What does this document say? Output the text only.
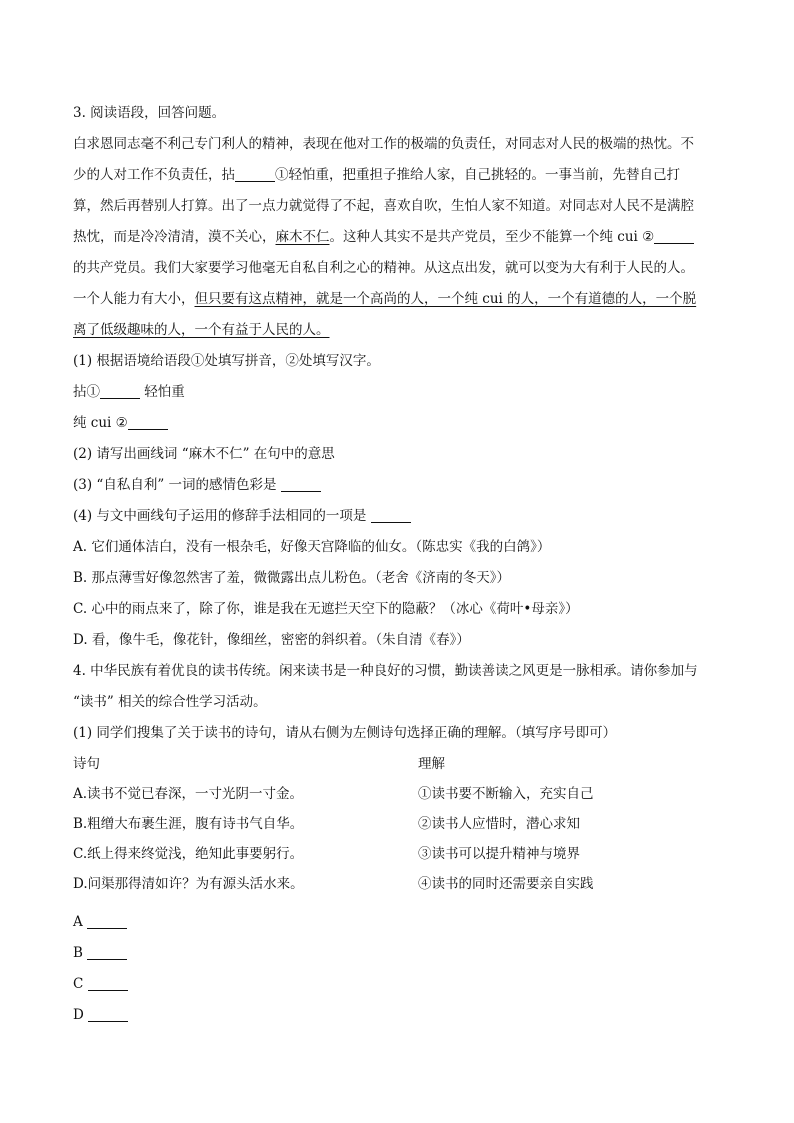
3. 阅读语段，回答问题。
白求恩同志毫不利己专门利人的精神，表现在他对工作的极端的负责任，对同志对人民的极端的热忱。不
少的人对工作不负责任，拈	①轻怕重，把重担子推给人家，自己挑轻的。一事当前，先替自己打
算，然后再替别人打算。出了一点力就觉得了不起，喜欢自吹，生怕人家不知道。对同志对人民不是满腔
热忱，而是冷冷清清，漠不关心，麻木不仁。这种人其实不是共产党员，至少不能算一个纯 cui ②
的共产党员。我们大家要学习他毫无自私自利之心的精神。从这点出发，就可以变为大有利于人民的人。
一个人能力有大小，但只要有这点精神，就是一个高尚的人，一个纯 cui 的人，一个有道德的人，一个脱
离了低级趣味的人，一个有益于人民的人。
(1) 根据语境给语段①处填写拼音，②处填写汉字。
拈①	轻怕重
纯 cui ②
(2) 请写出画线词 “麻木不仁” 在句中的意思
(3) “自私自利” 一词的感情色彩是
(4) 与文中画线句子运用的修辞手法相同的一项是
A. 它们通体洁白，没有一根杂毛，好像天宫降临的仙女。（陈忠实《我的白鸽》）
B. 那点薄雪好像忽然害了羞，微微露出点儿粉色。（老舍《济南的冬天》）
C. 心中的雨点来了，除了你，谁是我在无遮拦天空下的隐蔽？（冰心《荷叶•母亲》）
D. 看，像牛毛，像花针，像细丝，密密的斜织着。（朱自清《春》）
4. 中华民族有着优良的读书传统。闲来读书是一种良好的习惯，勤读善读之风更是一脉相承。请你参加与
“读书” 相关的综合性学习活动。
(1) 同学们搜集了关于读书的诗句，请从右侧为左侧诗句选择正确的理解。（填写序号即可）
诗句	理解
A.读书不觉已春深，一寸光阴一寸金。	①读书要不断输入，充实自己
B.粗缯大布裹生涯，腹有诗书气自华。	②读书人应惜时，潜心求知
C.纸上得来终觉浅，绝知此事要躬行。	③读书可以提升精神与境界
D.问渠那得清如许？为有源头活水来。	④读书的同时还需要亲自实践
A
B
C
D
